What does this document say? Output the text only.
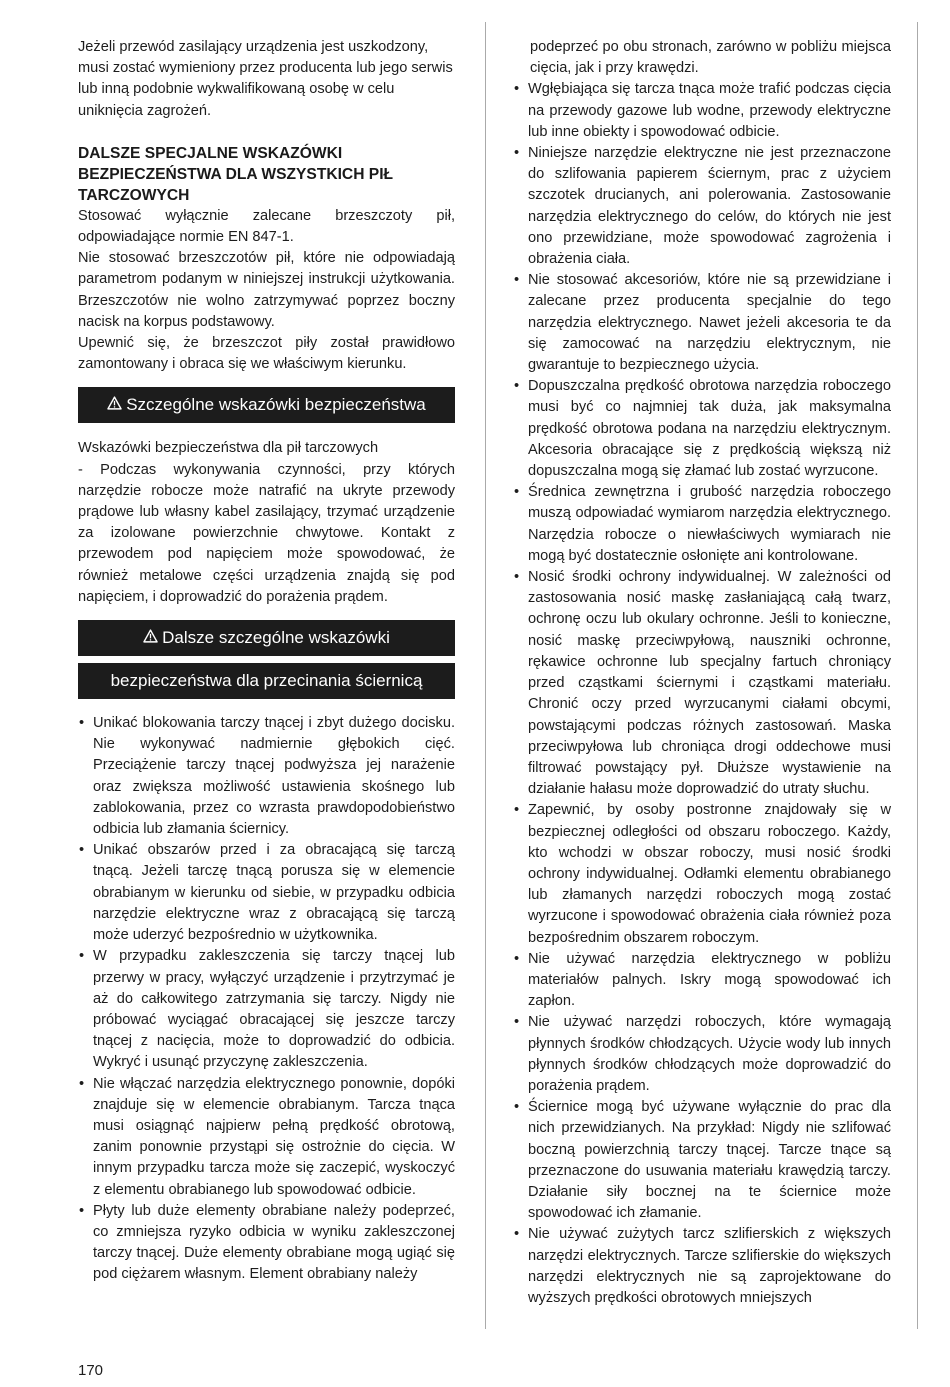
Jeżeli przewód zasilający urządzenia jest uszkodzony, musi zostać wymieniony przez producenta lub jego serwis lub inną podobnie wykwalifikowaną osobę w celu uniknięcia zagrożeń.

DALSZE SPECJALNE WSKAZÓWKI BEZPIECZEŃSTWA DLA WSZYSTKICH PIŁ TARCZOWYCH

Stosować wyłącznie zalecane brzeszczoty pił, odpowiadające normie EN 847-1.

Nie stosować brzeszczotów pił, które nie odpowiadają parametrom podanym w niniejszej instrukcji użytkowania. Brzeszczotów nie wolno zatrzymywać poprzez boczny nacisk na korpus podstawowy.

Upewnić się, że brzeszczot piły został prawidłowo zamontowany i obraca się we właściwym kierunku.

Szczególne wskazówki bezpieczeństwa

Wskazówki bezpieczeństwa dla pił tarczowych

- Podczas wykonywania czynności, przy których narzędzie robocze może natrafić na ukryte przewody prądowe lub własny kabel zasilający, trzymać urządzenie za izolowane powierzchnie chwytowe. Kontakt z przewodem pod napięciem może spowodować, że również metalowe części urządzenia znajdą się pod napięciem, i doprowadzić do porażenia prądem.

Dalsze szczególne wskazówki
bezpieczeństwa dla przecinania ściernicą
• Unikać blokowania tarczy tnącej i zbyt dużego docisku. Nie wykonywać nadmiernie głębokich cięć. Przeciążenie tarczy tnącej podwyższa jej narażenie oraz zwiększa możliwość ustawienia skośnego lub zablokowania, przez co wzrasta prawdopodobieństwo odbicia lub złamania ściernicy.
• Unikać obszarów przed i za obracającą się tarczą tnącą. Jeżeli tarczę tnącą porusza się w elemencie obrabianym w kierunku od siebie, w przypadku odbicia narzędzie elektryczne wraz z obracającą się tarczą może uderzyć bezpośrednio w użytkownika.
• W przypadku zakleszczenia się tarczy tnącej lub przerwy w pracy, wyłączyć urządzenie i przytrzymać je aż do całkowitego zatrzymania się tarczy. Nigdy nie próbować wyciągać obracającej się jeszcze tarczy tnącej z nacięcia, może to doprowadzić do odbicia. Wykryć i usunąć przyczynę zakleszczenia.
• Nie włączać narzędzia elektrycznego ponownie, dopóki znajduje się w elemencie obrabianym. Tarcza tnąca musi osiągnąć najpierw pełną prędkość obrotową, zanim ponownie przystąpi się ostrożnie do cięcia. W innym przypadku tarcza może się zaczepić, wyskoczyć z elementu obrabianego lub spowodować odbicie.
• Płyty lub duże elementy obrabiane należy podeprzeć, co zmniejsza ryzyko odbicia w wyniku zakleszczonej tarczy tnącej. Duże elementy obrabiane mogą ugiąć się pod ciężarem własnym. Element obrabiany należy

podeprzeć po obu stronach, zarówno w pobliżu miejsca cięcia, jak i przy krawędzi.

• Wgłębiająca się tarcza tnąca może trafić podczas cięcia na przewody gazowe lub wodne, przewody elektryczne lub inne obiekty i spowodować odbicie.
• Niniejsze narzędzie elektryczne nie jest przeznaczone do szlifowania papierem ściernym, prac z użyciem szczotek drucianych, ani polerowania. Zastosowanie narzędzia elektrycznego do celów, do których nie jest ono przewidziane, może spowodować zagrożenia i obrażenia ciała.
• Nie stosować akcesoriów, które nie są przewidziane i zalecane przez producenta specjalnie do tego narzędzia elektrycznego. Nawet jeżeli akcesoria te da się zamocować na narzędziu elektrycznym, nie gwarantuje to bezpiecznego użycia.
• Dopuszczalna prędkość obrotowa narzędzia roboczego musi być co najmniej tak duża, jak maksymalna prędkość obrotowa podana na narzędziu elektrycznym. Akcesoria obracające się z prędkością większą niż dopuszczalna mogą się złamać lub zostać wyrzucone.
• Średnica zewnętrzna i grubość narzędzia roboczego muszą odpowiadać wymiarom narzędzia elektrycznego. Narzędzia robocze o niewłaściwych wymiarach nie mogą być dostatecznie osłonięte ani kontrolowane.
• Nosić środki ochrony indywidualnej. W zależności od zastosowania nosić maskę zasłaniającą całą twarz, ochronę oczu lub okulary ochronne. Jeśli to konieczne, nosić maskę przeciwpyłową, nauszniki ochronne, rękawice ochronne lub specjalny fartuch chroniący przed cząstkami ściernymi i cząstkami materiału. Chronić oczy przed wyrzucanymi ciałami obcymi, powstającymi podczas różnych zastosowań. Maska przeciwpyłowa lub chroniąca drogi oddechowe musi filtrować powstający pył. Dłuższe wystawienie na działanie hałasu może doprowadzić do utraty słuchu.
• Zapewnić, by osoby postronne znajdowały się w bezpiecznej odległości od obszaru roboczego. Każdy, kto wchodzi w obszar roboczy, musi nosić środki ochrony indywidualnej. Odłamki elementu obrabianego lub złamanych narzędzi roboczych mogą zostać wyrzucone i spowodować obrażenia ciała również poza bezpośrednim obszarem roboczym.
• Nie używać narzędzia elektrycznego w pobliżu materiałów palnych. Iskry mogą spowodować ich zapłon.
• Nie używać narzędzi roboczych, które wymagają płynnych środków chłodzących. Użycie wody lub innych płynnych środków chłodzących może doprowadzić do porażenia prądem.
• Ściernice mogą być używane wyłącznie do prac dla nich przewidzianych. Na przykład: Nigdy nie szlifować boczną powierzchnią tarczy tnącej. Tarcze tnące są przeznaczone do usuwania materiału krawędzią tarczy. Działanie siły bocznej na te ściernice może spowodować ich złamanie.
• Nie używać zużytych tarcz szlifierskich z większych narzędzi elektrycznych. Tarcze szlifierskie do większych narzędzi elektrycznych nie są zaprojektowane do wyższych prędkości obrotowych mniejszych
170
